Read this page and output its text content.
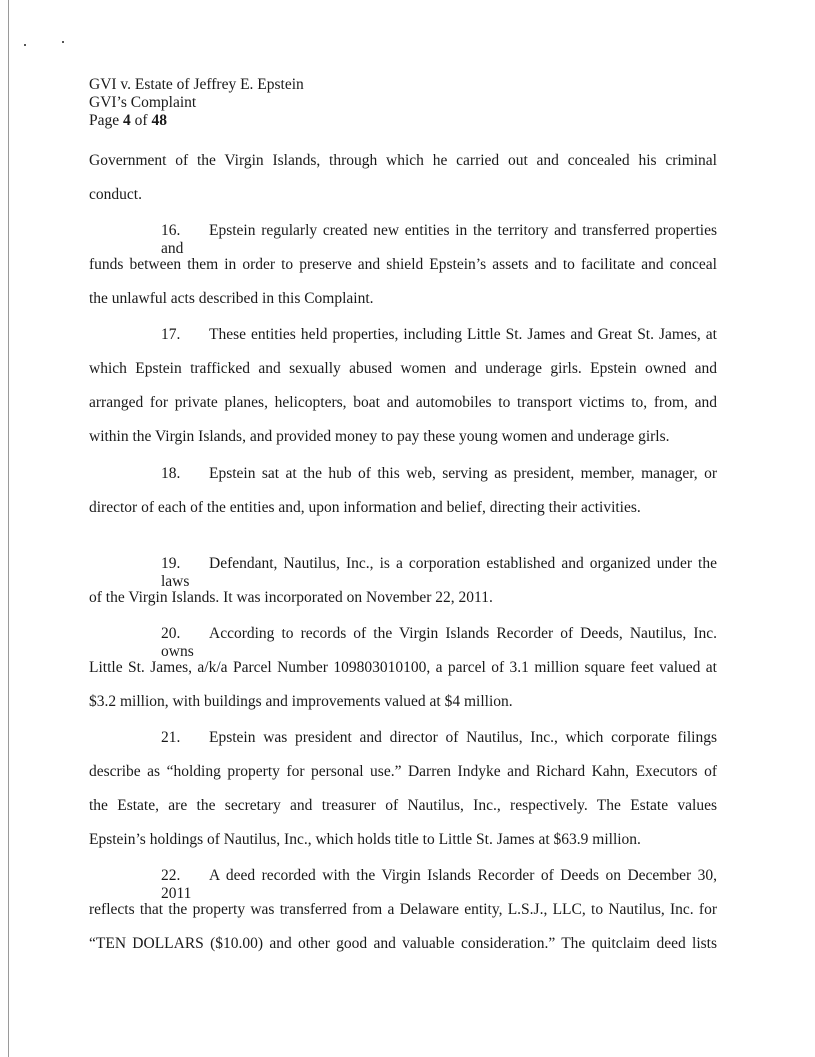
GVI v. Estate of Jeffrey E. Epstein
GVI’s Complaint
Page 4 of 48
Government of the Virgin Islands, through which he carried out and concealed his criminal
conduct.
16. Epstein regularly created new entities in the territory and transferred properties and
funds between them in order to preserve and shield Epstein’s assets and to facilitate and conceal
the unlawful acts described in this Complaint.
17. These entities held properties, including Little St. James and Great St. James, at
which Epstein trafficked and sexually abused women and underage girls. Epstein owned and
arranged for private planes, helicopters, boat and automobiles to transport victims to, from, and
within the Virgin Islands, and provided money to pay these young women and underage girls.
18. Epstein sat at the hub of this web, serving as president, member, manager, or
director of each of the entities and, upon information and belief, directing their activities.
19. Defendant, Nautilus, Inc., is a corporation established and organized under the laws
of the Virgin Islands. It was incorporated on November 22, 2011.
20. According to records of the Virgin Islands Recorder of Deeds, Nautilus, Inc. owns
Little St. James, a/k/a Parcel Number 109803010100, a parcel of 3.1 million square feet valued at
$3.2 million, with buildings and improvements valued at $4 million.
21. Epstein was president and director of Nautilus, Inc., which corporate filings
describe as “holding property for personal use.” Darren Indyke and Richard Kahn, Executors of
the Estate, are the secretary and treasurer of Nautilus, Inc., respectively. The Estate values
Epstein’s holdings of Nautilus, Inc., which holds title to Little St. James at $63.9 million.
22. A deed recorded with the Virgin Islands Recorder of Deeds on December 30, 2011
reflects that the property was transferred from a Delaware entity, L.S.J., LLC, to Nautilus, Inc. for
“TEN DOLLARS ($10.00) and other good and valuable consideration.” The quitclaim deed lists
